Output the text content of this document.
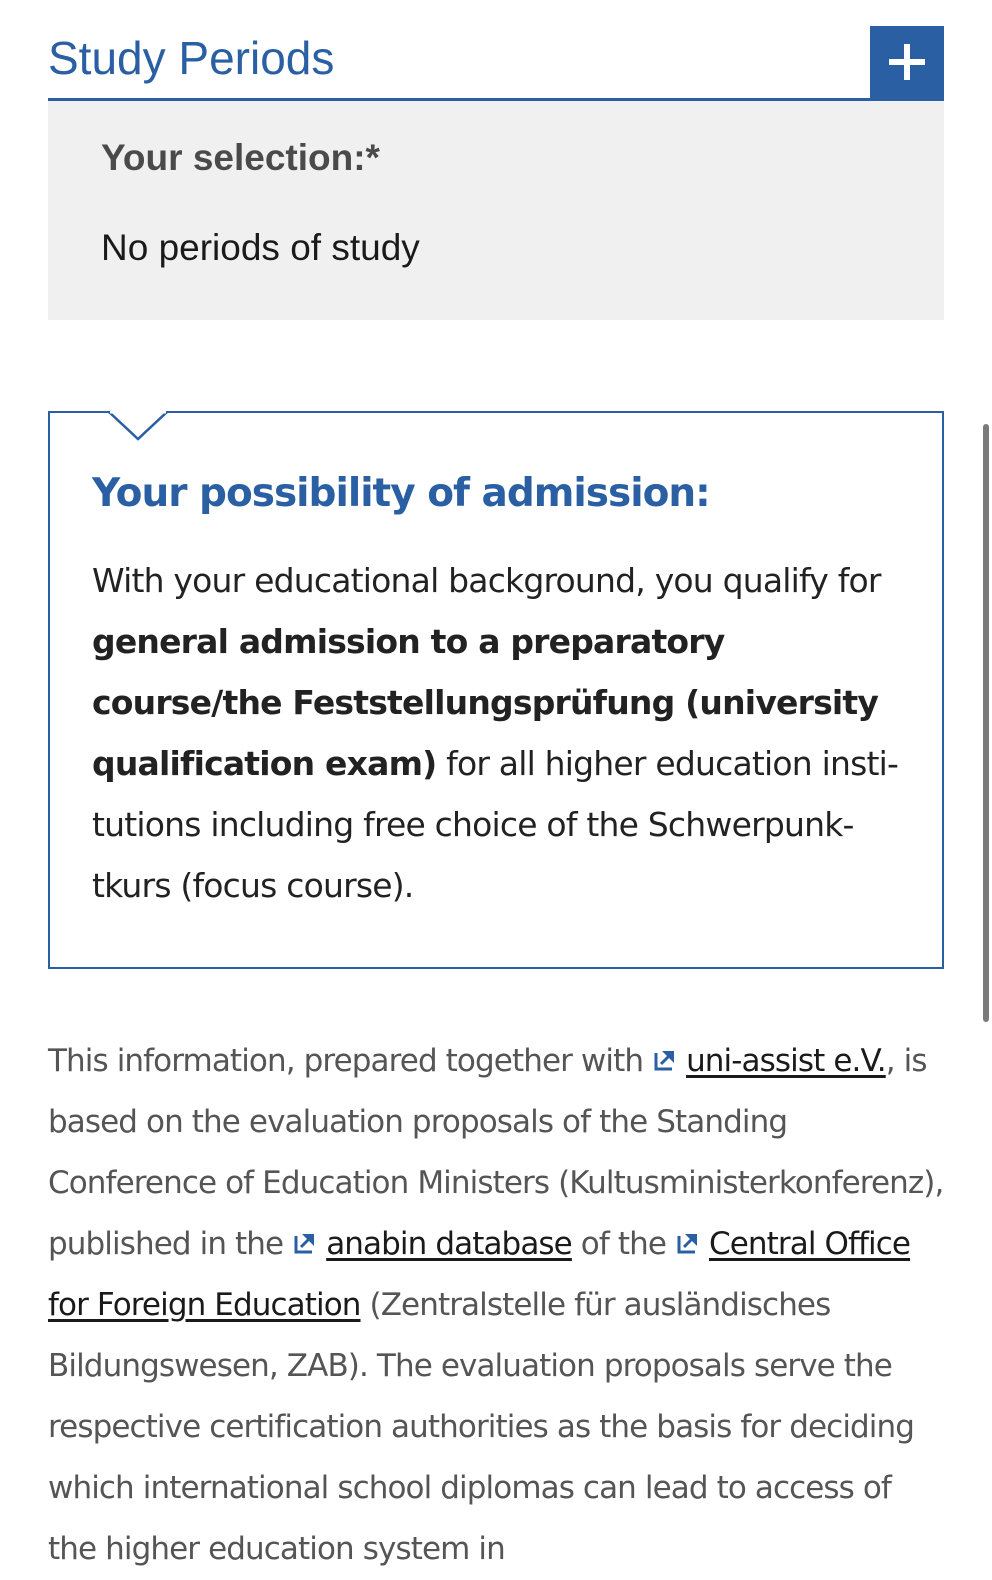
Study Periods
Your selection:*
No periods of study
Your possibility of admission:
With your educational background, you qualify for general admission to a preparatory course/the Feststellungsprüfung (university qualification exam) for all higher education institutions including free choice of the Schwerpunktkurs (focus course).
This information, prepared together with uni-assist e.V., is based on the evaluation proposals of the Standing Conference of Education Ministers (Kultusministerkonferenz), published in the anabin database of the Central Office for Foreign Education (Zentralstelle für ausländisches Bildungswesen, ZAB). The evaluation proposals serve the respective certification authorities as the basis for deciding which international school diplomas can lead to access of the higher education system in
